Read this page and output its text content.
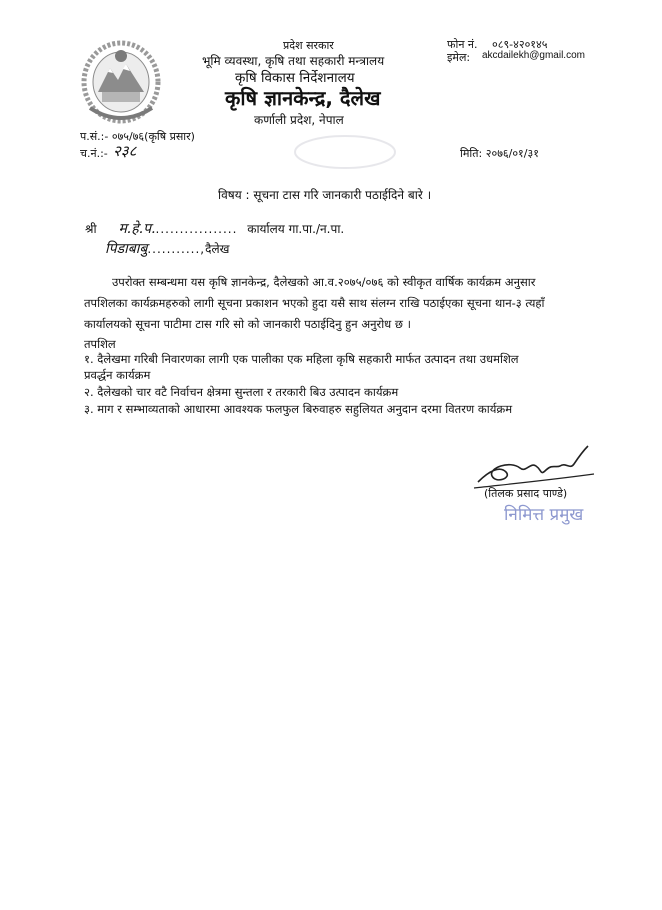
प्रदेश सरकार
भूमि व्यवस्था, कृषि तथा सहकारी मन्त्रालय
कृषि विकास निर्देशनालय
कृषि ज्ञानकेन्द्र, दैलेख
कर्णाली प्रदेश, नेपाल
फोन नं. ०८९-४२०१४५
इमेल: akcdailekh@gmail.com
प.सं.:- ०७५/७६(कृषि प्रसार)
च.नं.:- २३८	मिति: २०७६/०१/३१
विषय : सूचना टास गरि जानकारी पठाईदिने बारे ।
श्री म.हे.प.................. कार्यालय गा.पा./न.पा.
पिडाबाबु...........,दैलेख
उपरोक्त सम्बन्धमा यस कृषि ज्ञानकेन्द्र, दैलेखको आ.व.२०७५/०७६ को स्वीकृत वार्षिक कार्यक्रम अनुसार
तपशिलका कार्यक्रमहरुको लागी सूचना प्रकाशन भएको हुदा यसै साथ संलग्न राखि पठाईएका सूचना थान-३ त्यहाँ
कार्यालयको सूचना पाटीमा टास गरि सो को जानकारी पठाईदिनु हुन अनुरोध छ ।
तपशिल
१. दैलेखमा गरिबी निवारणका लागी एक पालीका एक महिला कृषि सहकारी मार्फत उत्पादन तथा उधमशिल
प्रवर्द्धन कार्यक्रम
२. दैलेखको चार वटै निर्वाचन क्षेत्रमा सुन्तला र तरकारी बिउ उत्पादन कार्यक्रम
३. माग र सम्भाव्यताको आधारमा आवश्यक फलफुल बिरुवाहरु सहुलियत अनुदान दरमा वितरण कार्यक्रम
(तिलक प्रसाद पाण्डे)
निमित्त प्रमुख
